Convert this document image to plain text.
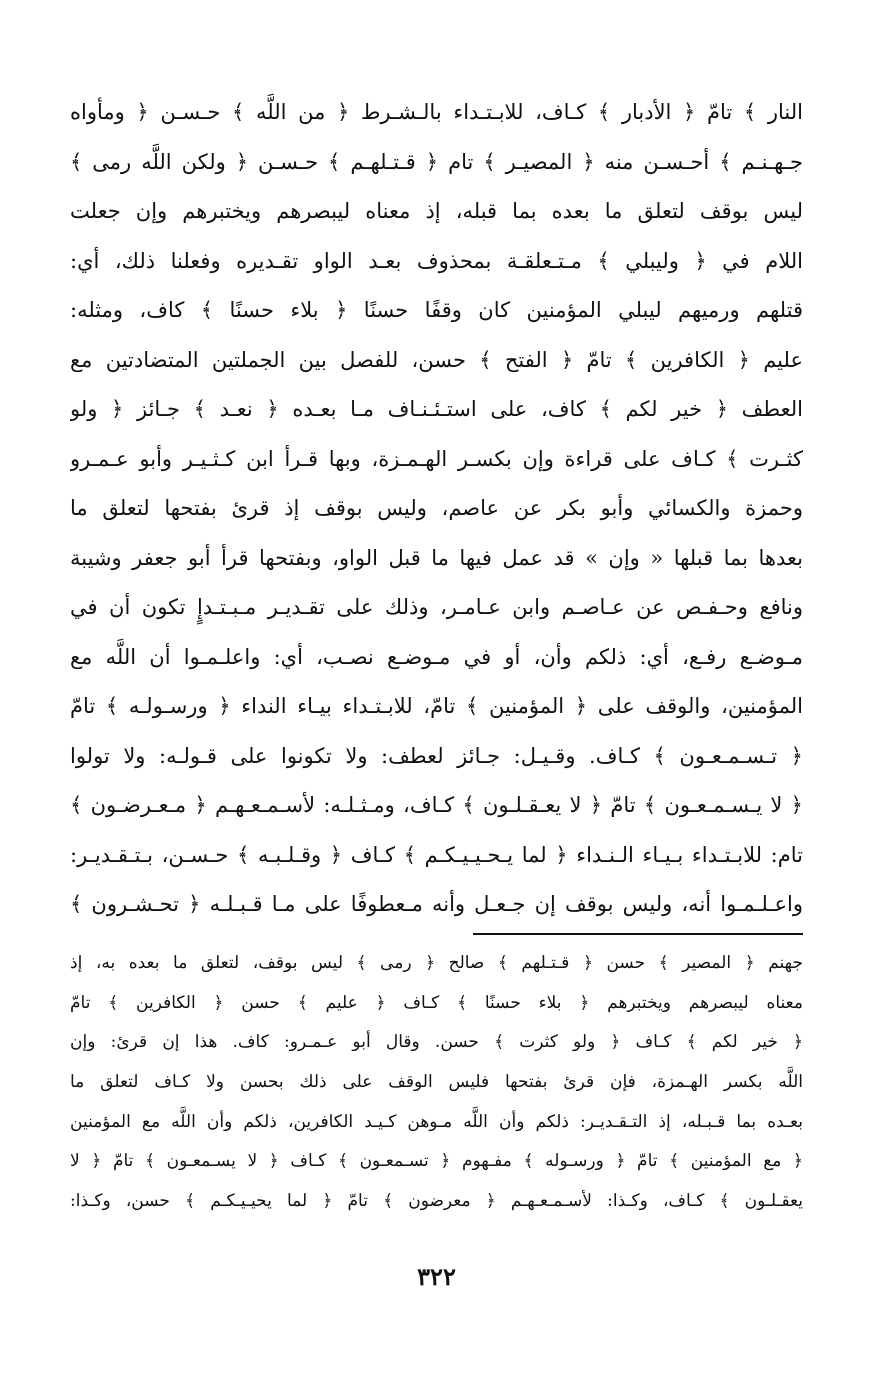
النار ﴾ تامّ ﴿ الأدبار ﴾ كـاف، للابـتـداء بالـشـرط ﴿ من اللَّه ﴾ حـسـن ﴿ ومأواه
جـهـنـم ﴾ أحـسـن منه ﴿ المصيـر ﴾ تام ﴿ قـتـلهـم ﴾ حـسـن ﴿ ولكن اللَّه رمى ﴾
ليس بوقف لتعلق ما بعده بما قبله، إذ معناه ليبصرهم ويختبرهم وإن جعلت
اللام في ﴿ وليبلي ﴾ مـتـعلقـة بمحذوف بعـد الواو تقـديره وفعلنا ذلك، أي:
قتلهم ورميهم ليبلي المؤمنين كان وقفًا حسنًا ﴿ بلاء حسنًا ﴾ كاف، ومثله:
عليم ﴿ الكافرين ﴾ تامّ ﴿ الفتح ﴾ حسن، للفصل بين الجملتين المتضادتين مع
العطف ﴿ خير لكم ﴾ كاف، على استـئـنـاف مـا بعـده ﴿ نعـد ﴾ جـائز ﴿ ولو
كثـرت ﴾ كـاف على قراءة وإن بكسـر الهـمـزة، وبها قـرأ ابن كـثـيـر وأبو عـمـرو
وحمزة والكسائي وأبو بكر عن عاصم، وليس بوقف إذ قرئ بفتحها لتعلق ما
بعدها بما قبلها « وإن » قد عمل فيها ما قبل الواو، وبفتحها قرأ أبو جعفر وشيبة
ونافع وحـفـص عن عـاصـم وابن عـامـر، وذلك على تقـديـر مـبـتـدإٍ تكون أن في
مـوضـع رفـع، أي: ذلكم وأن، أو في مـوضـع نصـب، أي: واعلـمـوا أن اللَّه مع
المؤمنين، والوقف على ﴿ المؤمنين ﴾ تامّ، للابـتـداء بيـاء النداء ﴿ ورسـولـه ﴾ تامّ
﴿ تـسـمـعـون ﴾ كـاف. وقـيـل: جـائز لعطف: ولا تكونوا على قـولـه: ولا تولوا
﴿ لا يـسـمـعـون ﴾ تامّ ﴿ لا يعـقـلـون ﴾ كـاف، ومـثـلـه: لأسـمـعـهـم ﴿ مـعـرضـون ﴾
تام: للابـتـداء بـيـاء الـنـداء ﴿ لما يـحـيـيـكـم ﴾ كـاف ﴿ وقـلـبـه ﴾ حـسـن، بـتـقـديـر:
واعـلـمـوا أنه، وليس بوقف إن جـعـل وأنه مـعطوفًا على مـا قـبـلـه ﴿ تحـشـرون ﴾
جهنم ﴿ المصير ﴾ حسن ﴿ قـتـلهم ﴾ صالح ﴿ رمى ﴾ ليس بوقف، لتعلق ما بعده به، إذ
معناه ليبصرهم ويختبرهم ﴿ بلاء حسنًا ﴾ كـاف ﴿ عليم ﴾ حسن ﴿ الكافرين ﴾ تامّ
﴿ خير لكم ﴾ كـاف ﴿ ولو كثرت ﴾ حسن. وقال أبو عـمـرو: كاف. هذا إن قرئ: وإن
اللَّه بكسر الهـمزة، فإن قرئ بفتحها فليس الوقف على ذلك بحسن ولا كـاف لتعلق ما
بعـده بما قـبـله، إذ التـقـديـر: ذلكم وأن اللَّه مـوهن كـيـد الكافرين، ذلكم وأن اللَّه مع المؤمنين
﴿ مع المؤمنين ﴾ تامّ ﴿ ورسـوله ﴾ مفـهوم ﴿ تسـمعـون ﴾ كـاف ﴿ لا يسـمعـون ﴾ تامّ ﴿ لا
يعقـلـون ﴾ كـاف، وكـذا: لأسـمـعـهـم ﴿ معرضون ﴾ تامّ ﴿ لما يحيـيـكـم ﴾ حسن، وكـذا:
٣٢٢
